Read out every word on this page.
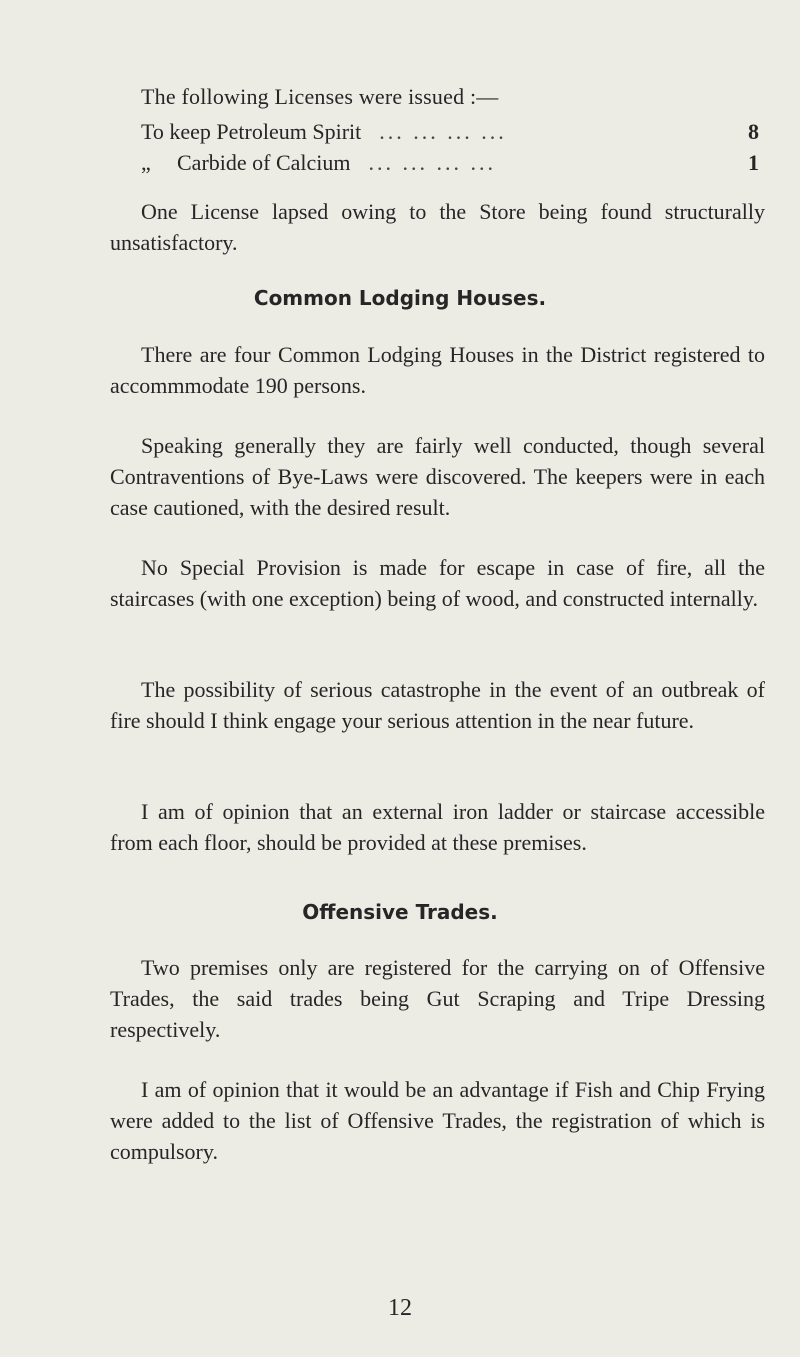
The following Licenses were issued :—
To keep Petroleum Spirit ... ... ... ...	8
„	Carbide of Calcium ... ... ... ...	1

One License lapsed owing to the Store being found structurally unsatisfactory.

Common Lodging Houses.

There are four Common Lodging Houses in the District registered to accommmodate 190 persons.

Speaking generally they are fairly well conducted, though several Contraventions of Bye-Laws were discovered. The keepers were in each case cautioned, with the desired result.

No Special Provision is made for escape in case of fire, all the staircases (with one exception) being of wood, and constructed internally.

The possibility of serious catastrophe in the event of an outbreak of fire should I think engage your serious attention in the near future.

I am of opinion that an external iron ladder or staircase accessible from each floor, should be provided at these premises.

Offensive Trades.

Two premises only are registered for the carrying on of Offensive Trades, the said trades being Gut Scraping and Tripe Dressing respectively.

I am of opinion that it would be an advantage if Fish and Chip Frying were added to the list of Offensive Trades, the registration of which is compulsory.

12
